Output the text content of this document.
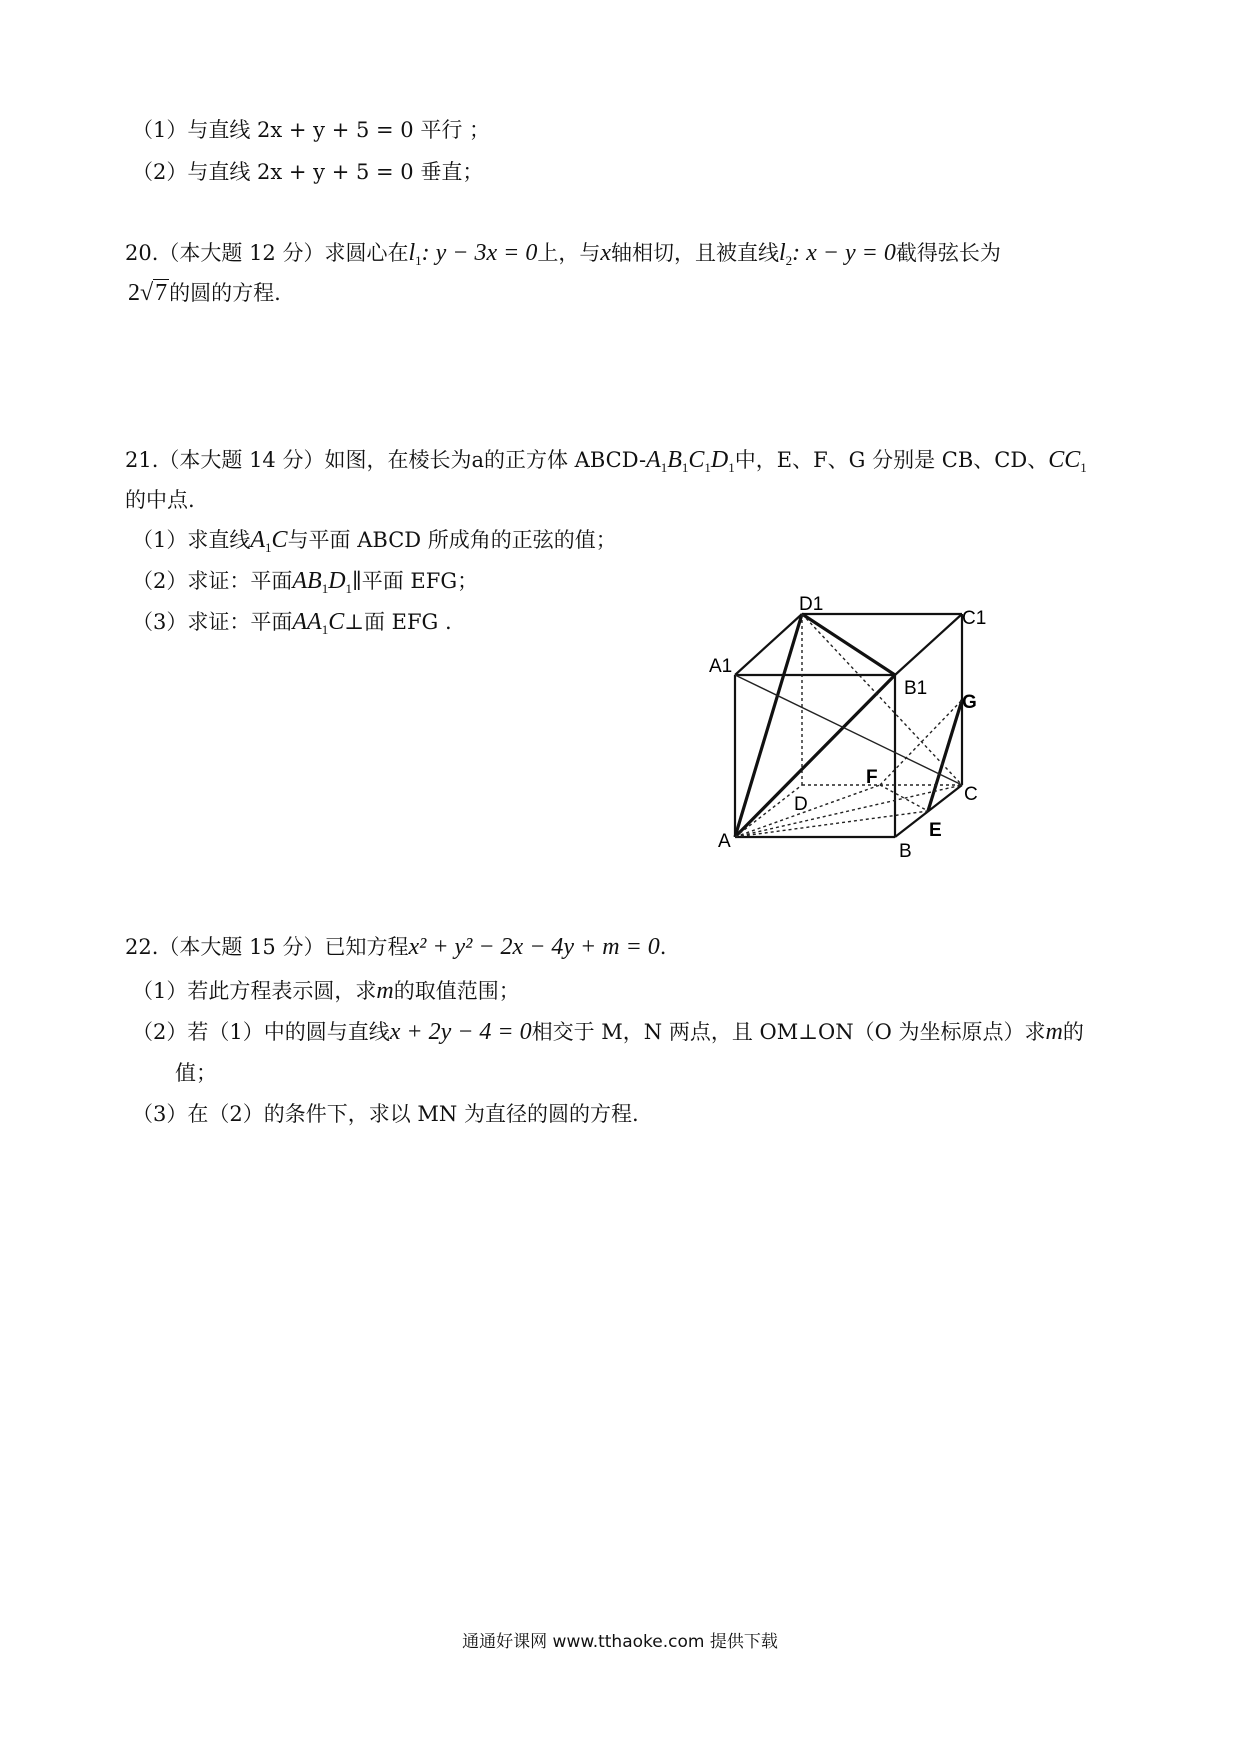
（1）与直线 2x + y + 5 = 0 平行 ；
（2）与直线 2x + y + 5 = 0 垂直；
20.（本大题 12 分）求圆心在$l_1$: y − 3x = 0上，与x轴相切，且被直线$l_2$: x − y = 0截得弦长为
2√7的圆的方程.
21.（本大题 14 分）如图，在棱长为a的正方体 ABCD-$A_1B_1C_1D_1$中，E、F、G 分别是 CB、CD、$CC_1$
的中点.
（1）求直线$A_1C$与平面 ABCD 所成角的正弦的值；
（2）求证：平面$AB_1D_1\parallel$平面 EFG；
（3）求证：平面$AA_1C\perp$面 EFG .
D1
C1
A1
B1
G
F
D	C
E
A	B
22.（本大题 15 分）已知方程x² + y² − 2x − 4y + m = 0.
（1）若此方程表示圆，求m的取值范围；
（2）若（1）中的圆与直线x + 2y − 4 = 0相交于 M，N 两点，且 OM⊥ON（O 为坐标原点）求m的
值；
（3）在（2）的条件下，求以 MN 为直径的圆的方程.
通通好课网 www.tthaoke.com 提供下载
